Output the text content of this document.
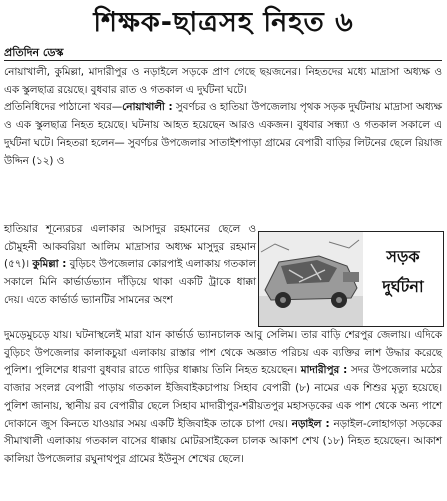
শিক্ষক-ছাত্রসহ নিহত ৬
প্রতিদিন ডেস্ক

নোয়াখালী, কুমিল্লা, মাদারীপুর ও নড়াইলে সড়কে প্রাণ গেছে ছয়জনের। নিহতদের মধ্যে মাদ্রাসা অধ্যক্ষ ও এক স্কুলছাত্র রয়েছে। বুধবার রাত ও গতকাল এ দুর্ঘটনা ঘটে।

প্রতিনিধিদের পাঠানো খবর—নোয়াখালী : সুবর্ণচর ও হাতিয়া উপজেলায় পৃথক সড়ক দুর্ঘটনায় মাদ্রাসা অধ্যক্ষ ও এক স্কুলছাত্র নিহত হয়েছে। ঘটনায় আহত হয়েছেন আরও একজন। বুধবার সন্ধ্যা ও গতকাল সকালে এ দুর্ঘটনা ঘটে। নিহতরা হলেন— সুবর্ণচর উপজেলার সাতাইশপাড়া গ্রামের বেপারী বাড়ির লিটনের ছেলে রিয়াজ উদ্দিন (১২) ও

হাতিয়ার শূন্যেরচর এলাকার আসাদুর রহমানের ছেলে ও চৌমুহনী আকবরিয়া আলিম মাদ্রাসার অধ্যক্ষ মাসুদুর রহমান (৫৭)। কুমিল্লা : বুড়িচং উপজেলার কোরপাই এলাকায় গতকাল সকালে মিনি কার্ভার্ডভ্যান দাঁড়িয়ে থাকা একটি ট্রাকে ধাক্কা দেয়। এতে কার্ভার্ড ভ্যানটির সামনের অংশ

সড়ক
দুর্ঘটনা

দুমড়েমুচড়ে যায়। ঘটনাস্থলেই মারা যান কার্ভার্ড ভ্যানচালক আবু সেলিম। তার বাড়ি শেরপুর জেলায়। এদিকে বুড়িচং উপজেলার কালাকচুয়া এলাকায় রাস্তার পাশ থেকে অজ্ঞাত পরিচয় এক ব্যক্তির লাশ উদ্ধার করেছে পুলিশ। পুলিশের ধারণা বুধবার রাতে গাড়ির ধাক্কায় তিনি নিহত হয়েছেন। মাদারীপুর : সদর উপজেলার মঠের বাজার সংলগ্ন বেপারী পাড়ায় গতকাল ইজিবাইকচাপায় সিহাব বেপারী (৮) নামের এক শিশুর মৃত্যু হয়েছে। পুলিশ জানায়, স্থানীয় রব বেপারীর ছেলে সিহাব মাদারীপুর-শরীয়তপুর মহাসড়কের এক পাশ থেকে অন্য পাশে দোকানে জুস কিনতে যাওয়ার সময় একটি ইজিবাইক তাকে চাপা দেয়। নড়াইল : নড়াইল-লোহাগড়া সড়কের সীমাখালী এলাকায় গতকাল বাসের ধাক্কায় মোটরসাইকেল চালক আকাশ শেখ (১৮) নিহত হয়েছেন। আকাশ কালিয়া উপজেলার রঘুনাথপুর গ্রামের ইউনুস শেখের ছেলে।
